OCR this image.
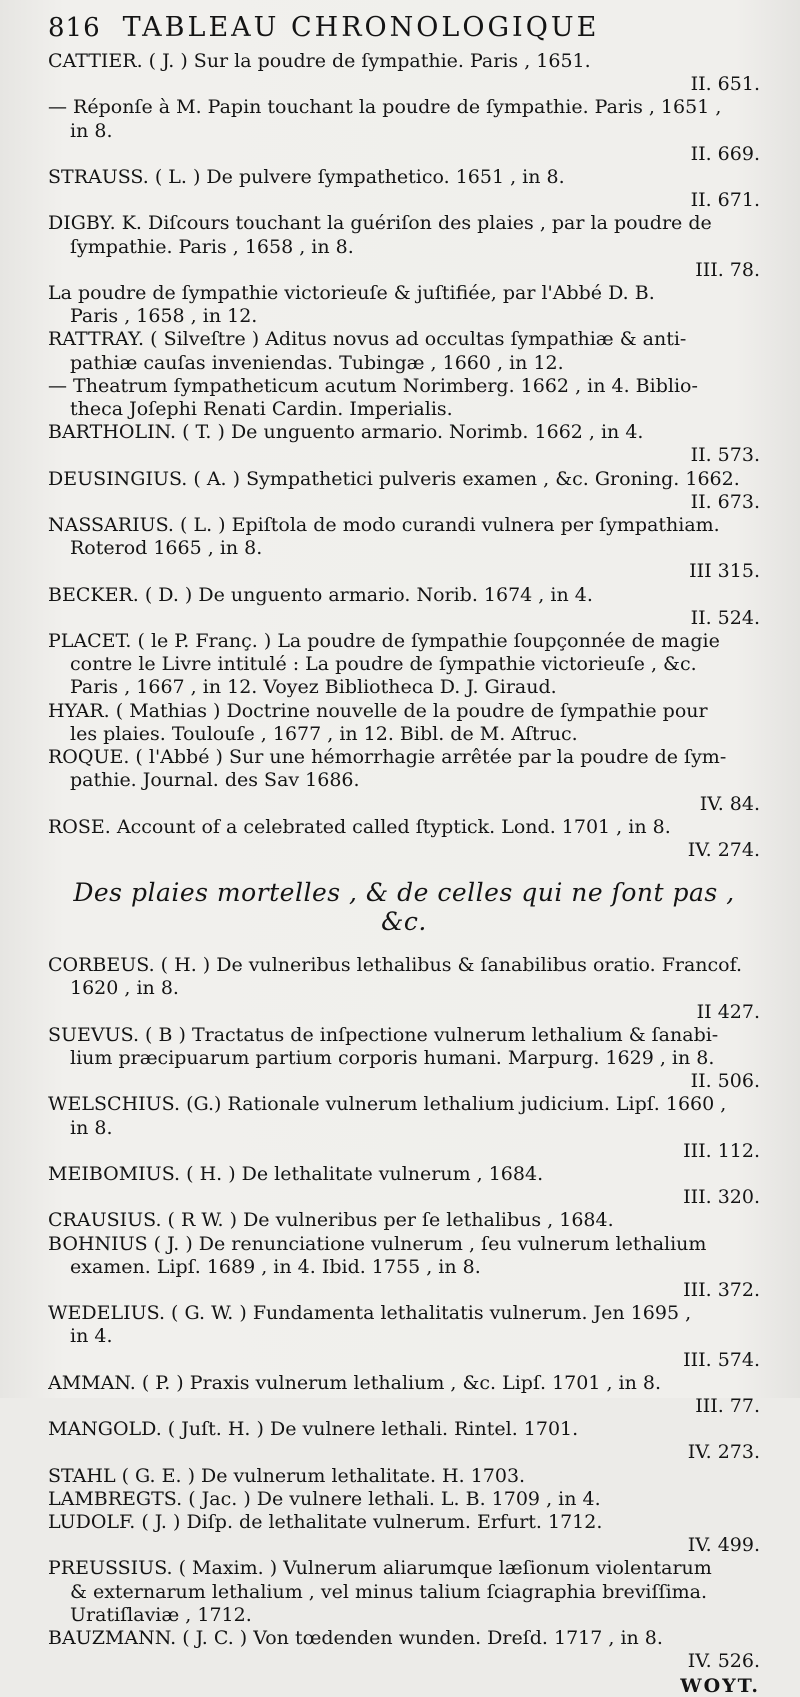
816 TABLEAU CHRONOLOGIQUE
CATTIER. ( J. ) Sur la poudre de ſympathie. Paris , 1651.
II. 651.
— Réponſe à M. Papin touchant la poudre de ſympathie. Paris , 1651 ,
in 8.
II. 669.
STRAUSS. ( L. ) De pulvere ſympathetico. 1651 , in 8.
II. 671.
DIGBY. K. Diſcours touchant la guériſon des plaies , par la poudre de
ſympathie. Paris , 1658 , in 8.
III. 78.
La poudre de ſympathie victorieuſe & juſtifiée, par l'Abbé D. B.
Paris , 1658 , in 12.
RATTRAY. ( Silveſtre ) Aditus novus ad occultas ſympathiæ & anti-
pathiæ cauſas inveniendas. Tubingæ , 1660 , in 12.
— Theatrum ſympatheticum acutum Norimberg. 1662 , in 4. Biblio-
theca Joſephi Renati Cardin. Imperialis.
BARTHOLIN. ( T. ) De unguento armario. Norimb. 1662 , in 4.
II. 573.
DEUSINGIUS. ( A. ) Sympathetici pulveris examen , &c. Groning. 1662.
II. 673.
NASSARIUS. ( L. ) Epiſtola de modo curandi vulnera per ſympathiam.
Roterod 1665 , in 8.
III 315.
BECKER. ( D. ) De unguento armario. Norib. 1674 , in 4.
II. 524.
PLACET. ( le P. Franç. ) La poudre de ſympathie ſoupçonnée de magie
contre le Livre intitulé : La poudre de ſympathie victorieuſe , &c.
Paris , 1667 , in 12. Voyez Bibliotheca D. J. Giraud.
HYAR. ( Mathias ) Doctrine nouvelle de la poudre de ſympathie pour
les plaies. Toulouſe , 1677 , in 12. Bibl. de M. Aſtruc.
ROQUE. ( l'Abbé ) Sur une hémorrhagie arrêtée par la poudre de ſym-
pathie. Journal. des Sav 1686.
IV. 84.
ROSE. Account of a celebrated called ſtyptick. Lond. 1701 , in 8.
IV. 274.
Des plaies mortelles , & de celles qui ne ſont pas , &c.
CORBEUS. ( H. ) De vulneribus lethalibus & ſanabilibus oratio. Francof.
1620 , in 8.
II 427.
SUEVUS. ( B ) Tractatus de inſpectione vulnerum lethalium & ſanabi-
lium præcipuarum partium corporis humani. Marpurg. 1629 , in 8.
II. 506.
WELSCHIUS. (G.) Rationale vulnerum lethalium judicium. Lipſ. 1660 ,
in 8.
III. 112.
MEIBOMIUS. ( H. ) De lethalitate vulnerum , 1684.
III. 320.
CRAUSIUS. ( R W. ) De vulneribus per ſe lethalibus , 1684.
BOHNIUS ( J. ) De renunciatione vulnerum , ſeu vulnerum lethalium
examen. Lipſ. 1689 , in 4. Ibid. 1755 , in 8.
III. 372.
WEDELIUS. ( G. W. ) Fundamenta lethalitatis vulnerum. Jen 1695 ,
in 4.
III. 574.
AMMAN. ( P. ) Praxis vulnerum lethalium , &c. Lipſ. 1701 , in 8.
III. 77.
MANGOLD. ( Juſt. H. ) De vulnere lethali. Rintel. 1701.
IV. 273.
STAHL ( G. E. ) De vulnerum lethalitate. H. 1703.
LAMBREGTS. ( Jac. ) De vulnere lethali. L. B. 1709 , in 4.
LUDOLF. ( J. ) Diſp. de lethalitate vulnerum. Erfurt. 1712.
IV. 499.
PREUSSIUS. ( Maxim. ) Vulnerum aliarumque læſionum violentarum
& externarum lethalium , vel minus talium ſciagraphia breviſſima.
Uratiſlaviæ , 1712.
BAUZMANN. ( J. C. ) Von tœdenden wunden. Dreſd. 1717 , in 8.
IV. 526.
WOYT.
